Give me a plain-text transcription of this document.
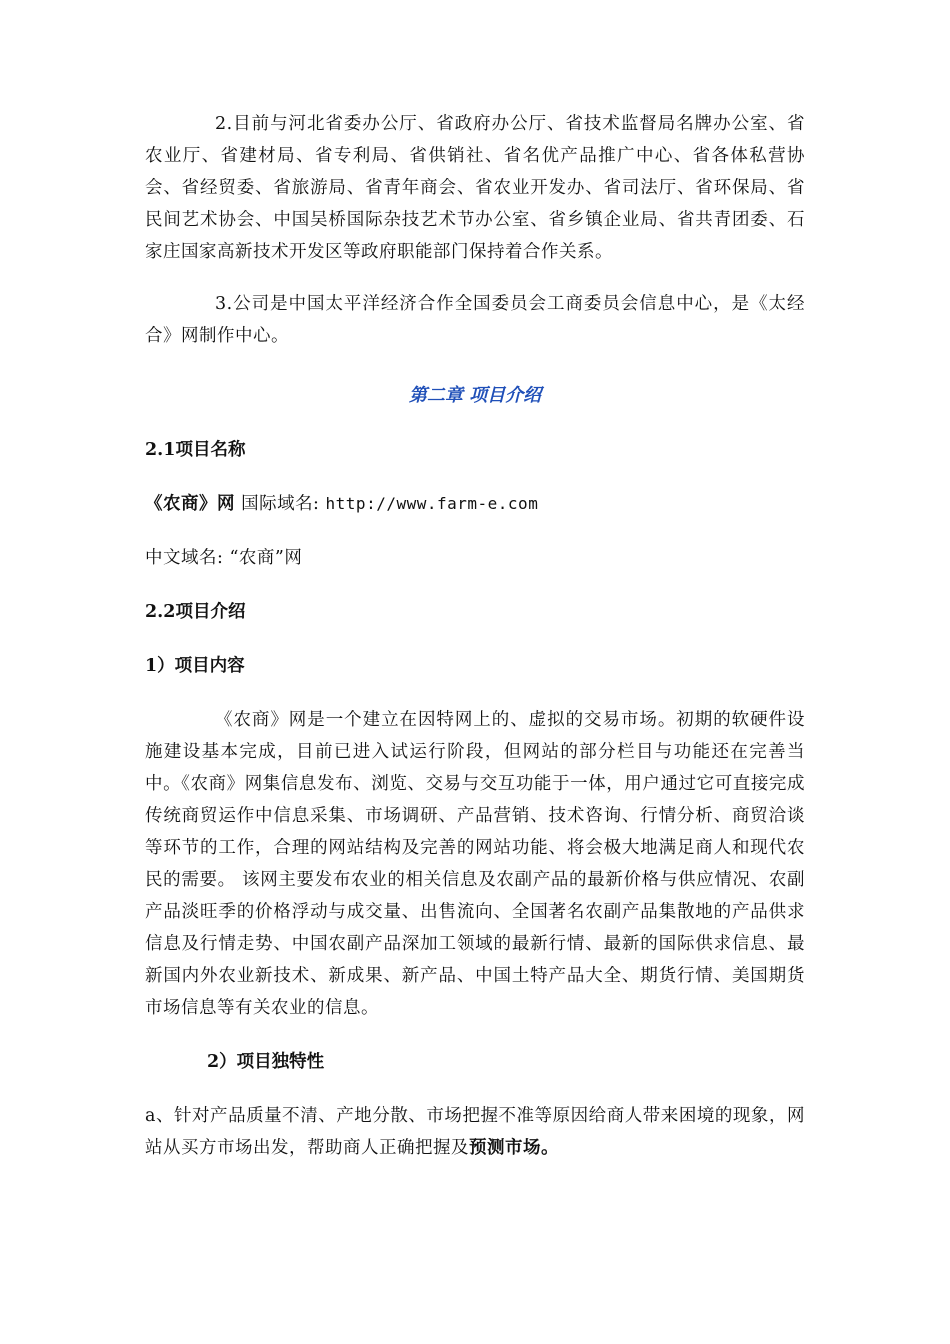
2.目前与河北省委办公厅、省政府办公厅、省技术监督局名牌办公室、省农业厅、省建材局、省专利局、省供销社、省名优产品推广中心、省各体私营协会、省经贸委、省旅游局、省青年商会、省农业开发办、省司法厅、省环保局、省民间艺术协会、中国吴桥国际杂技艺术节办公室、省乡镇企业局、省共青团委、石家庄国家高新技术开发区等政府职能部门保持着合作关系。

3.公司是中国太平洋经济合作全国委员会工商委员会信息中心，是《太经合》网制作中心。

第二章 项目介绍

2.1项目名称

《农商》网 国际域名: http://www.farm-e.com

中文域名: “农商”网

2.2项目介绍

1）项目内容

《农商》网是一个建立在因特网上的、虚拟的交易市场。初期的软硬件设施建设基本完成，目前已进入试运行阶段，但网站的部分栏目与功能还在完善当中。《农商》网集信息发布、浏览、交易与交互功能于一体，用户通过它可直接完成传统商贸运作中信息采集、市场调研、产品营销、技术咨询、行情分析、商贸洽谈等环节的工作，合理的网站结构及完善的网站功能、将会极大地满足商人和现代农民的需要。 该网主要发布农业的相关信息及农副产品的最新价格与供应情况、农副产品淡旺季的价格浮动与成交量、出售流向、全国著名农副产品集散地的产品供求信息及行情走势、中国农副产品深加工领域的最新行情、最新的国际供求信息、最新国内外农业新技术、新成果、新产品、中国土特产品大全、期货行情、美国期货市场信息等有关农业的信息。

2）项目独特性

a、针对产品质量不清、产地分散、市场把握不准等原因给商人带来困境的现象，网站从买方市场出发，帮助商人正确把握及预测市场。
